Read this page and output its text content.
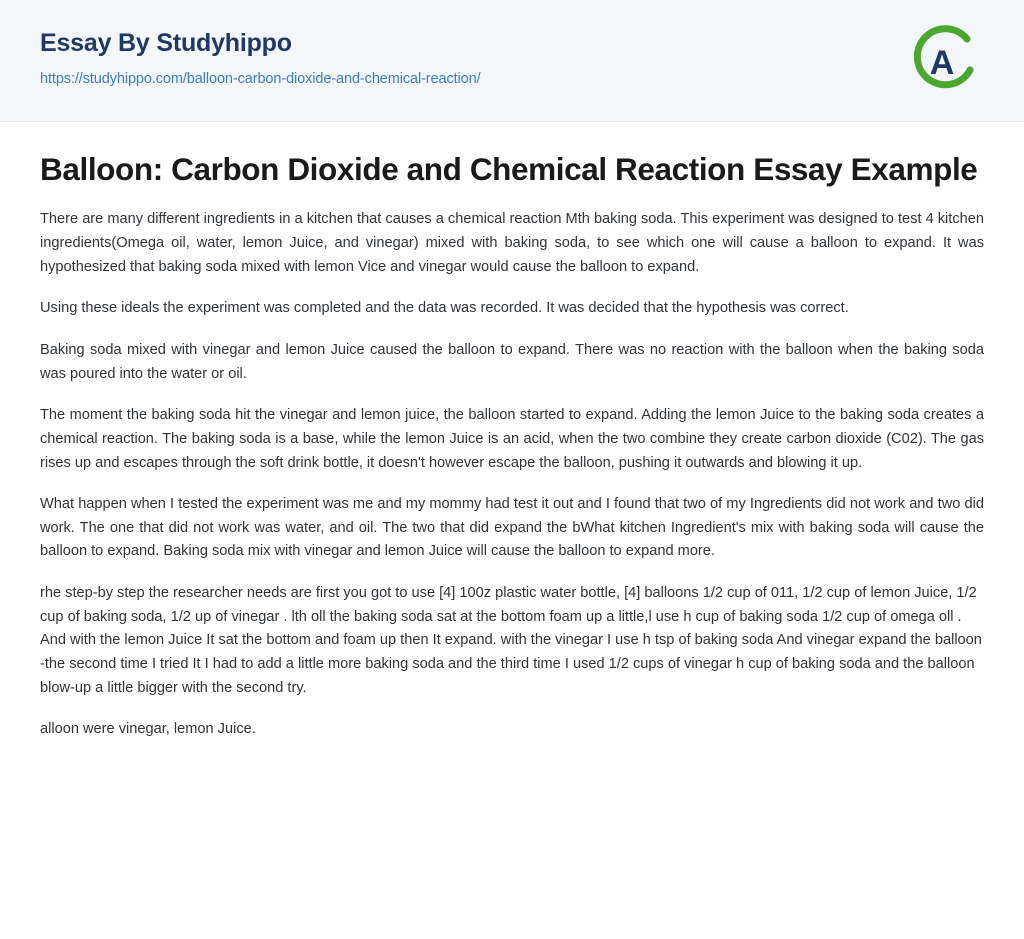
Essay By Studyhippo
https://studyhippo.com/balloon-carbon-dioxide-and-chemical-reaction/	A
Balloon: Carbon Dioxide and Chemical Reaction Essay Example

There are many different ingredients in a kitchen that causes a chemical reaction Mth baking soda. This experiment was designed to test 4 kitchen ingredients(Omega oil, water, lemon Juice, and vinegar) mixed with baking soda, to see which one will cause a balloon to expand. It was hypothesized that baking soda mixed with lemon Vice and vinegar would cause the balloon to expand.

Using these ideals the experiment was completed and the data was recorded. It was decided that the hypothesis was correct.

Baking soda mixed with vinegar and lemon Juice caused the balloon to expand. There was no reaction with the balloon when the baking soda was poured into the water or oil.

The moment the baking soda hit the vinegar and lemon juice, the balloon started to expand. Adding the lemon Juice to the baking soda creates a chemical reaction. The baking soda is a base, while the lemon Juice is an acid, when the two combine they create carbon dioxide (C02). The gas rises up and escapes through the soft drink bottle, it doesn't however escape the balloon, pushing it outwards and blowing it up.

What happen when I tested the experiment was me and my mommy had test it out and I found that two of my Ingredients did not work and two did work. The one that did not work was water, and oil. The two that did expand the bWhat kitchen Ingredient's mix with baking soda will cause the balloon to expand. Baking soda mix with vinegar and lemon Juice will cause the balloon to expand more.

rhe step-by step the researcher needs are first you got to use [4] 100z plastic water bottle, [4] balloons 1/2 cup of 011, 1/2 cup of lemon Juice, 1/2 cup of baking soda, 1/2 up of vinegar . lth oll the baking soda sat at the bottom foam up a little,l use h cup of baking soda 1/2 cup of omega oll . And with the lemon Juice It sat the bottom and foam up then It expand. with the vinegar I use h tsp of baking soda And vinegar expand the balloon -the second time I tried It I had to add a little more baking soda and the third time I used 1/2 cups of vinegar h cup of baking soda and the balloon blow-up a little bigger with the second try.

alloon were vinegar, lemon Juice.
